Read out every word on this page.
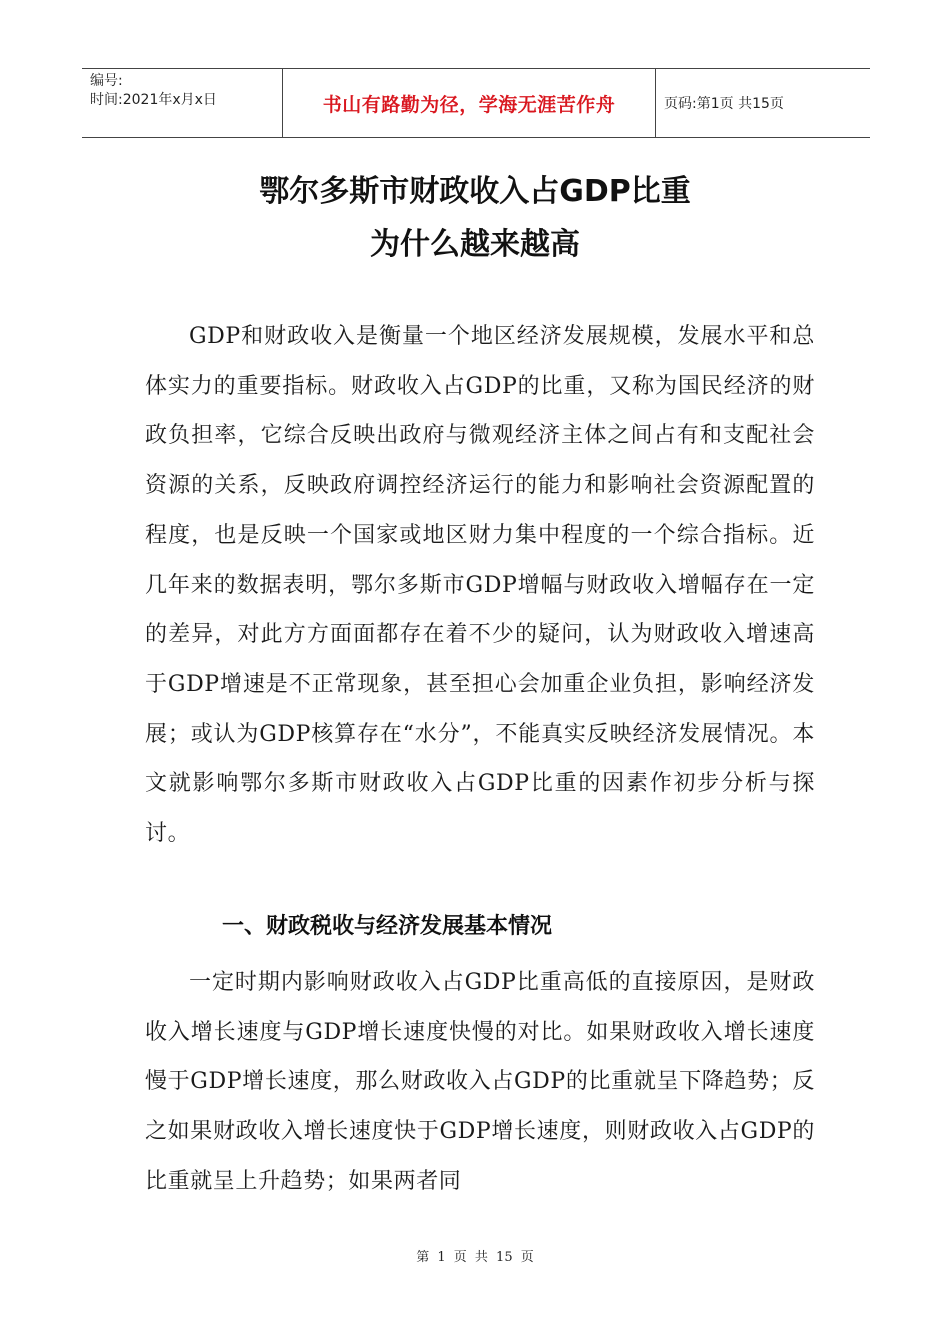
编号:
时间:2021年x月x日	书山有路勤为径，学海无涯苦作舟	页码:第1页 共15页
鄂尔多斯市财政收入占GDP比重
为什么越来越高
GDP和财政收入是衡量一个地区经济发展规模，发展水平和总体实力的重要指标。财政收入占GDP的比重，又称为国民经济的财政负担率，它综合反映出政府与微观经济主体之间占有和支配社会资源的关系，反映政府调控经济运行的能力和影响社会资源配置的程度，也是反映一个国家或地区财力集中程度的一个综合指标。近几年来的数据表明，鄂尔多斯市GDP增幅与财政收入增幅存在一定的差异，对此方方面面都存在着不少的疑问，认为财政收入增速高于GDP增速是不正常现象，甚至担心会加重企业负担，影响经济发展；或认为GDP核算存在“水分”，不能真实反映经济发展情况。本文就影响鄂尔多斯市财政收入占GDP比重的因素作初步分析与探讨。
一、财政税收与经济发展基本情况
一定时期内影响财政收入占GDP比重高低的直接原因，是财政收入增长速度与GDP增长速度快慢的对比。如果财政收入增长速度慢于GDP增长速度，那么财政收入占GDP的比重就呈下降趋势；反之如果财政收入增长速度快于GDP增长速度，则财政收入占GDP的比重就呈上升趋势；如果两者同
第 1 页 共 15 页
